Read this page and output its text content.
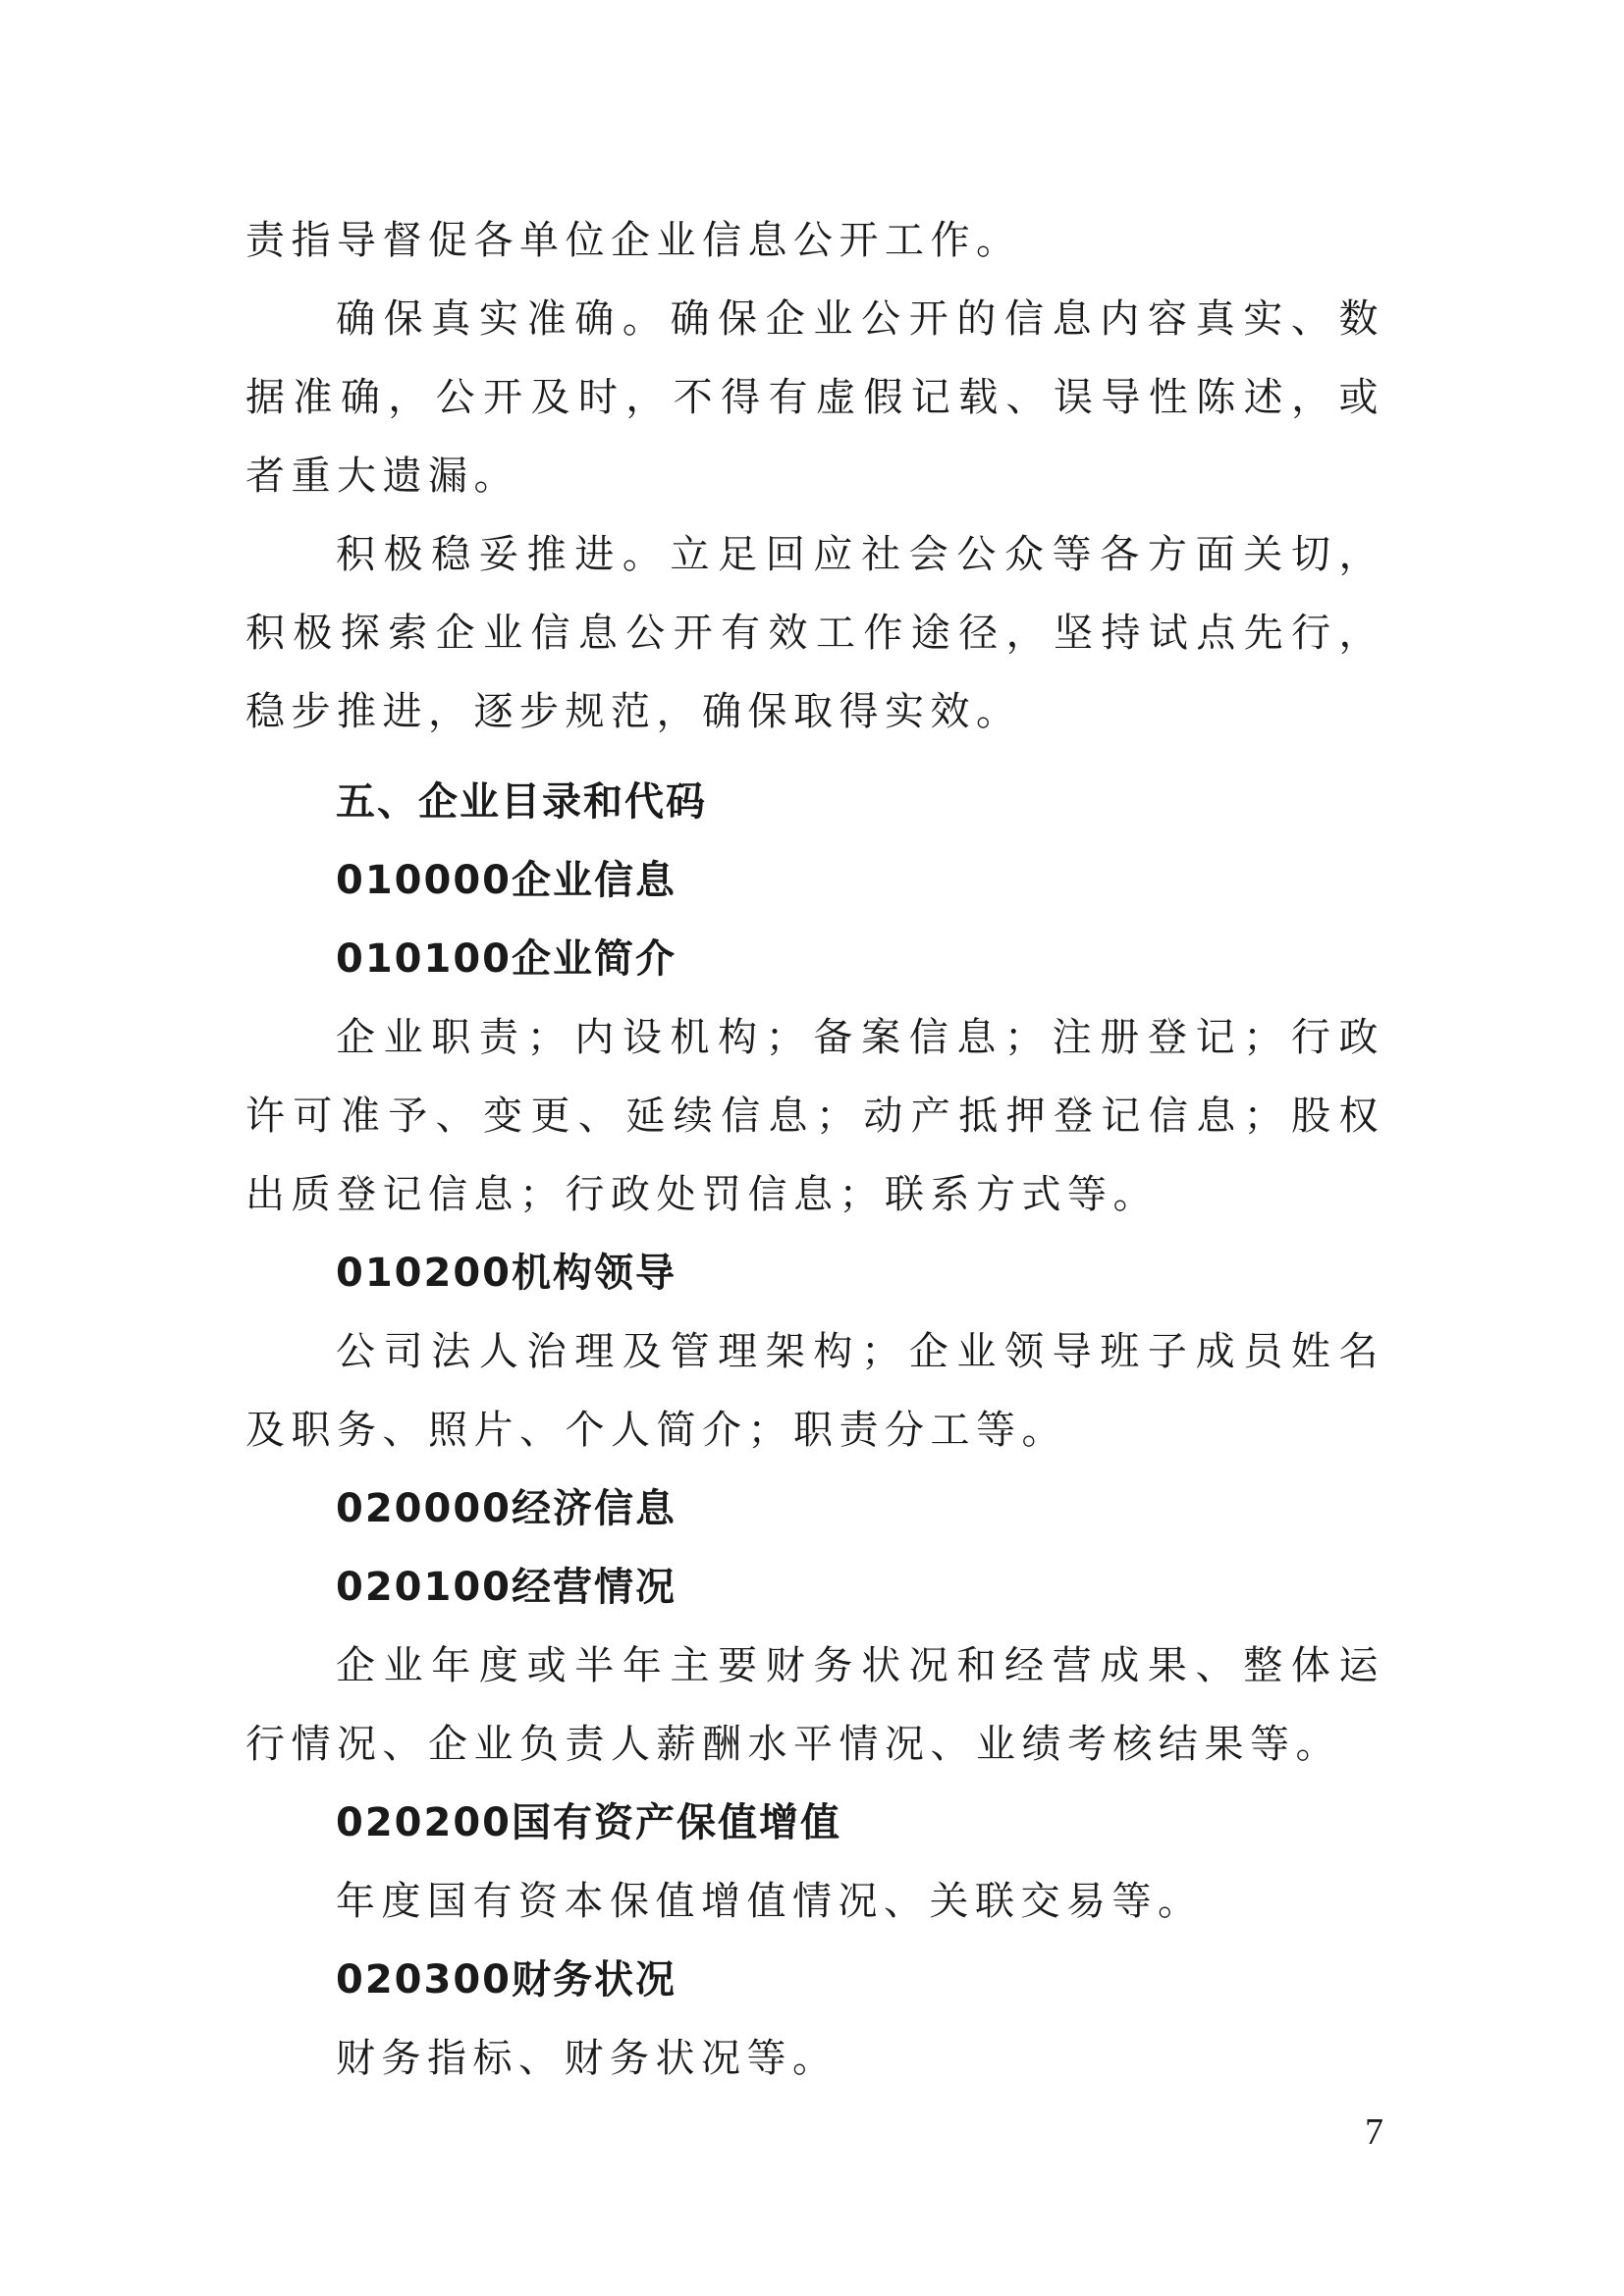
责指导督促各单位企业信息公开工作。

确保真实准确。确保企业公开的信息内容真实、数据准确，公开及时，不得有虚假记载、误导性陈述，或者重大遗漏。

积极稳妥推进。立足回应社会公众等各方面关切，积极探索企业信息公开有效工作途径，坚持试点先行，稳步推进，逐步规范，确保取得实效。

五、企业目录和代码
010000企业信息
010100企业简介

企业职责；内设机构；备案信息；注册登记；行政许可准予、变更、延续信息；动产抵押登记信息；股权出质登记信息；行政处罚信息；联系方式等。

010200机构领导

公司法人治理及管理架构；企业领导班子成员姓名及职务、照片、个人简介；职责分工等。

020000经济信息
020100经营情况

企业年度或半年主要财务状况和经营成果、整体运行情况、企业负责人薪酬水平情况、业绩考核结果等。

020200国有资产保值增值

年度国有资本保值增值情况、关联交易等。

020300财务状况

财务指标、财务状况等。

7
